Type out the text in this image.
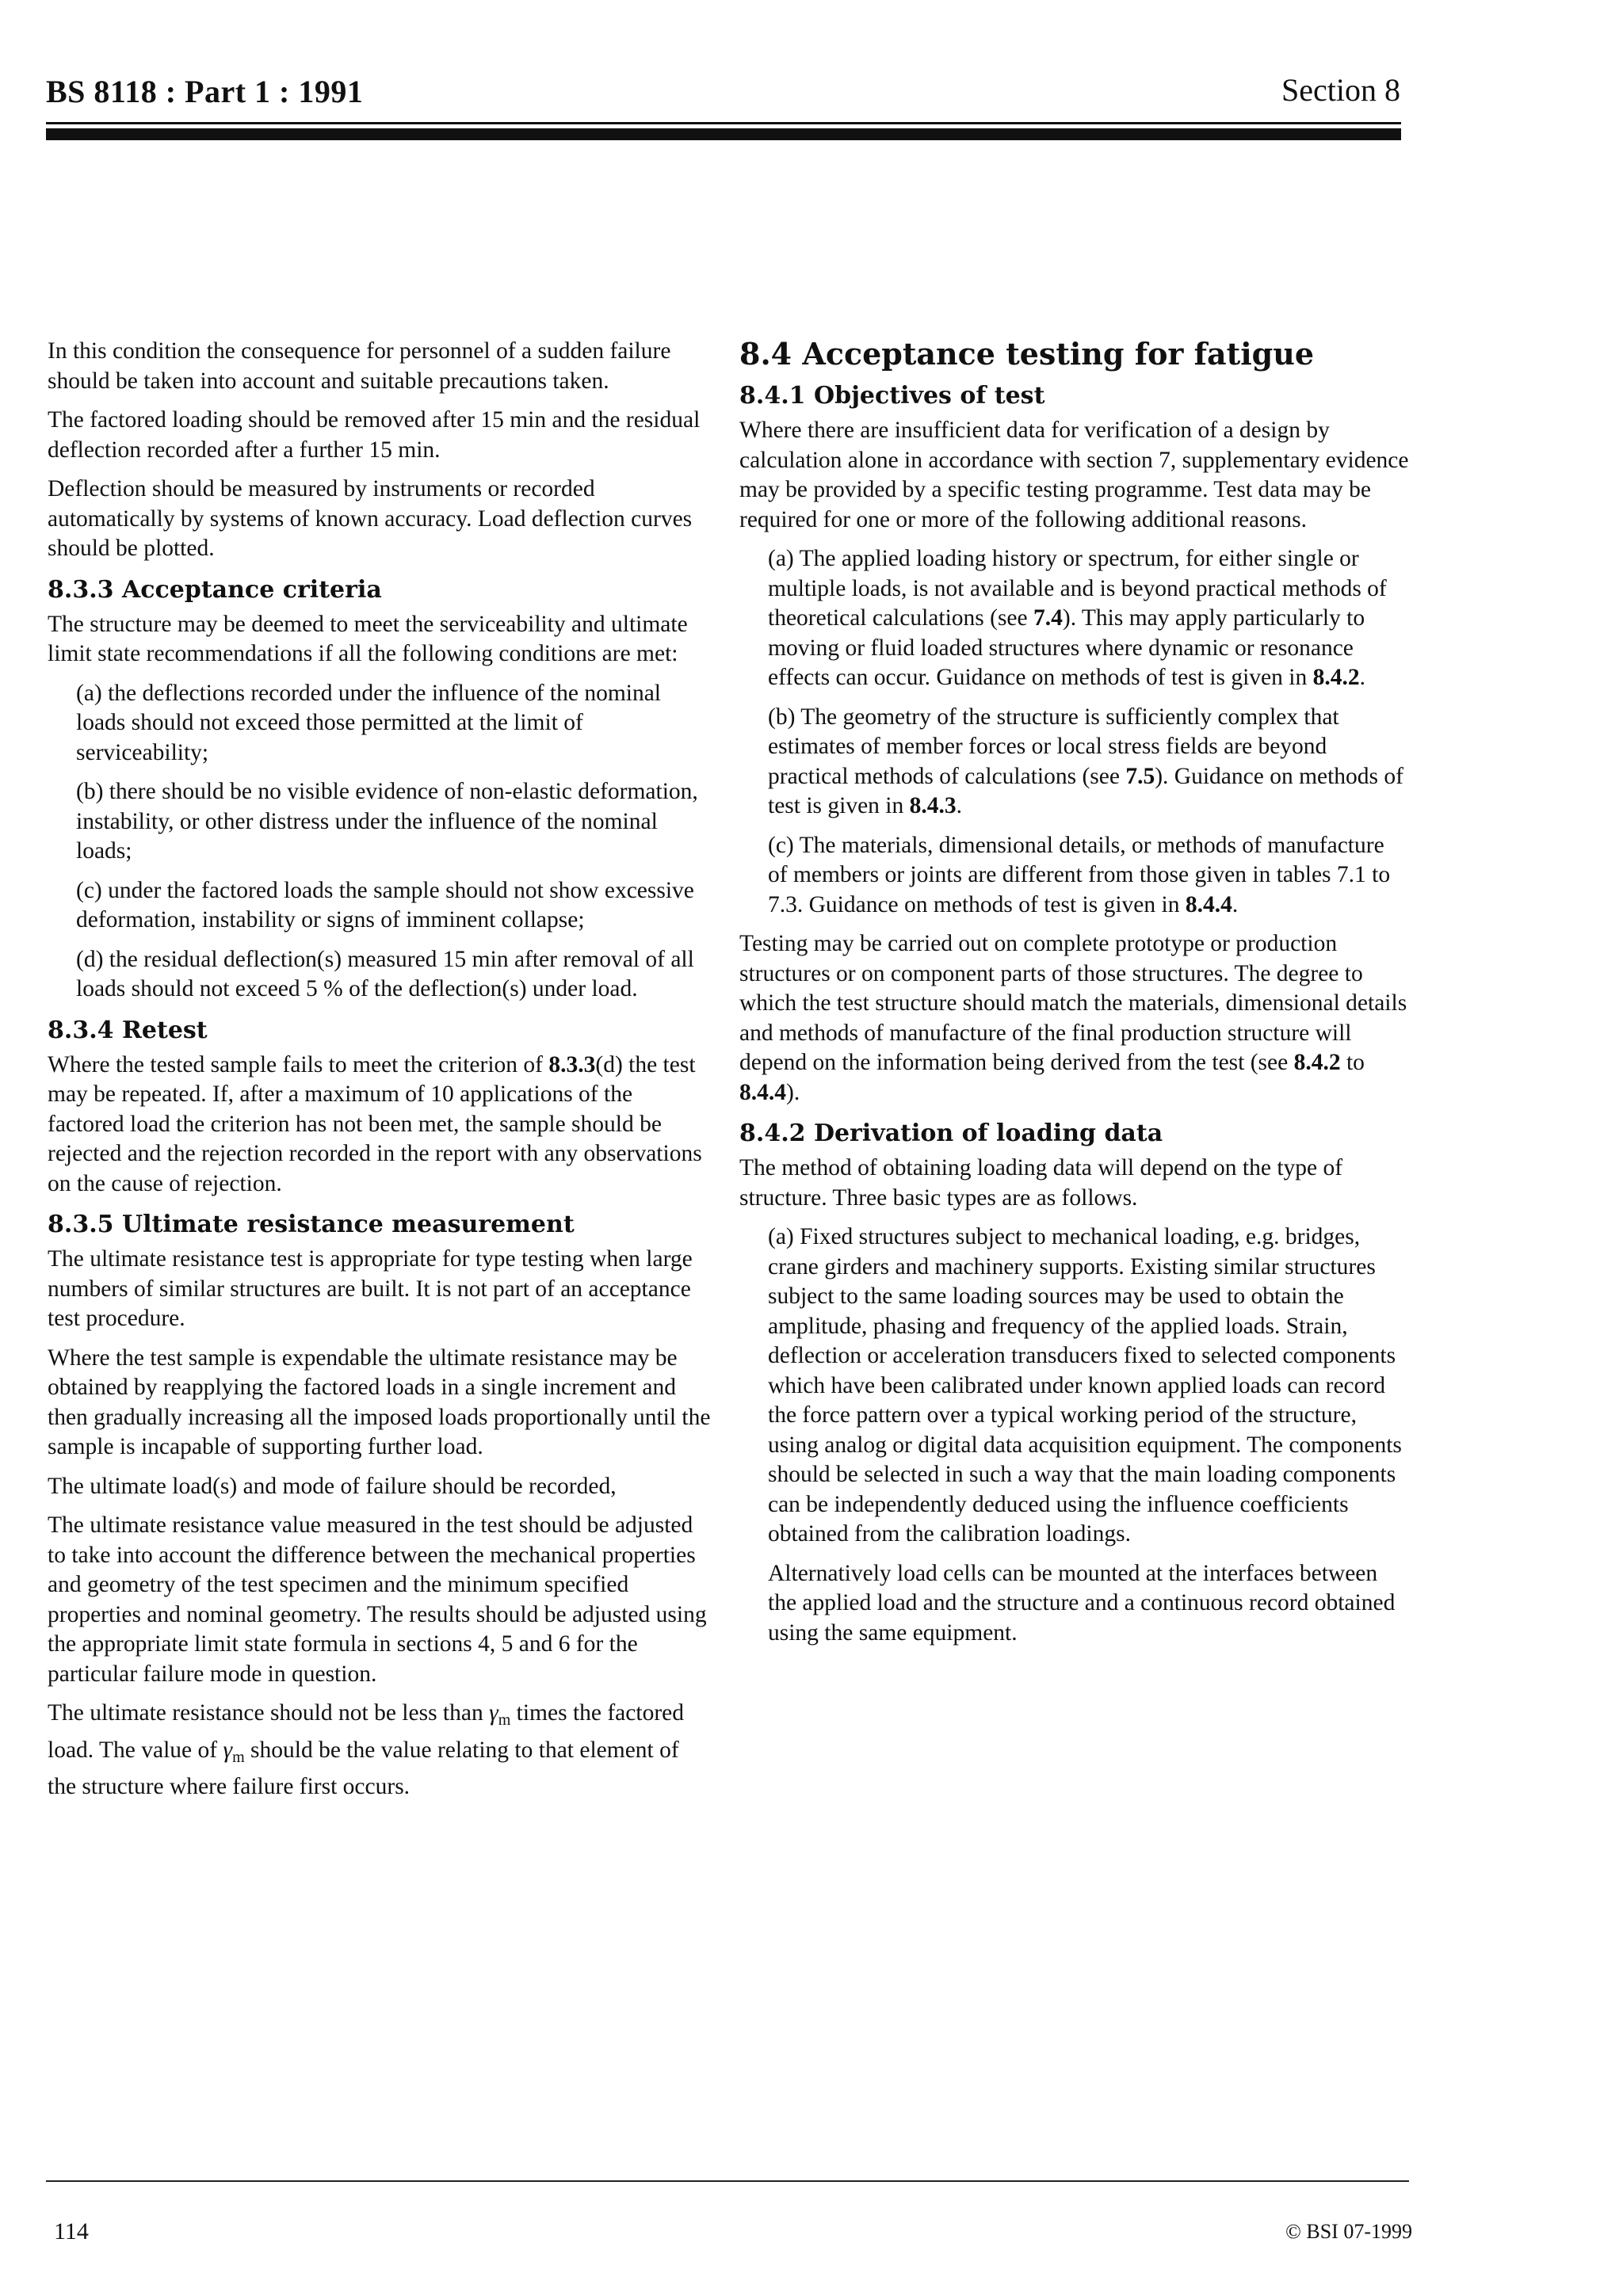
BS 8118 : Part 1 : 1991	Section 8

In this condition the consequence for personnel of a sudden failure should be taken into account and suitable precautions taken.

The factored loading should be removed after 15 min and the residual deflection recorded after a further 15 min.

Deflection should be measured by instruments or recorded automatically by systems of known accuracy. Load deflection curves should be plotted.

8.3.3 Acceptance criteria

The structure may be deemed to meet the serviceability and ultimate limit state recommendations if all the following conditions are met:

(a) the deflections recorded under the influence of the nominal loads should not exceed those permitted at the limit of serviceability;

(b) there should be no visible evidence of non-elastic deformation, instability, or other distress under the influence of the nominal loads;

(c) under the factored loads the sample should not show excessive deformation, instability or signs of imminent collapse;

(d) the residual deflection(s) measured 15 min after removal of all loads should not exceed 5 % of the deflection(s) under load.

8.3.4 Retest

Where the tested sample fails to meet the criterion of 8.3.3(d) the test may be repeated. If, after a maximum of 10 applications of the factored load the criterion has not been met, the sample should be rejected and the rejection recorded in the report with any observations on the cause of rejection.

8.3.5 Ultimate resistance measurement

The ultimate resistance test is appropriate for type testing when large numbers of similar structures are built. It is not part of an acceptance test procedure.

Where the test sample is expendable the ultimate resistance may be obtained by reapplying the factored loads in a single increment and then gradually increasing all the imposed loads proportionally until the sample is incapable of supporting further load.

The ultimate load(s) and mode of failure should be recorded,

The ultimate resistance value measured in the test should be adjusted to take into account the difference between the mechanical properties and geometry of the test specimen and the minimum specified properties and nominal geometry. The results should be adjusted using the appropriate limit state formula in sections 4, 5 and 6 for the particular failure mode in question.

The ultimate resistance should not be less than $\gamma_m$ times the factored load. The value of $\gamma_m$ should be the value relating to that element of the structure where failure first occurs.

8.4 Acceptance testing for fatigue
8.4.1 Objectives of test

Where there are insufficient data for verification of a design by calculation alone in accordance with section 7, supplementary evidence may be provided by a specific testing programme. Test data may be required for one or more of the following additional reasons.

(a) The applied loading history or spectrum, for either single or multiple loads, is not available and is beyond practical methods of theoretical calculations (see 7.4). This may apply particularly to moving or fluid loaded structures where dynamic or resonance effects can occur. Guidance on methods of test is given in 8.4.2.

(b) The geometry of the structure is sufficiently complex that estimates of member forces or local stress fields are beyond practical methods of calculations (see 7.5). Guidance on methods of test is given in 8.4.3.

(c) The materials, dimensional details, or methods of manufacture of members or joints are different from those given in tables 7.1 to 7.3. Guidance on methods of test is given in 8.4.4.

Testing may be carried out on complete prototype or production structures or on component parts of those structures. The degree to which the test structure should match the materials, dimensional details and methods of manufacture of the final production structure will depend on the information being derived from the test (see 8.4.2 to 8.4.4).

8.4.2 Derivation of loading data

The method of obtaining loading data will depend on the type of structure. Three basic types are as follows.

(a) Fixed structures subject to mechanical loading, e.g. bridges, crane girders and machinery supports. Existing similar structures subject to the same loading sources may be used to obtain the amplitude, phasing and frequency of the applied loads. Strain, deflection or acceleration transducers fixed to selected components which have been calibrated under known applied loads can record the force pattern over a typical working period of the structure, using analog or digital data acquisition equipment. The components should be selected in such a way that the main loading components can be independently deduced using the influence coefficients obtained from the calibration loadings.

Alternatively load cells can be mounted at the interfaces between the applied load and the structure and a continuous record obtained using the same equipment.

114	© BSI 07-1999
